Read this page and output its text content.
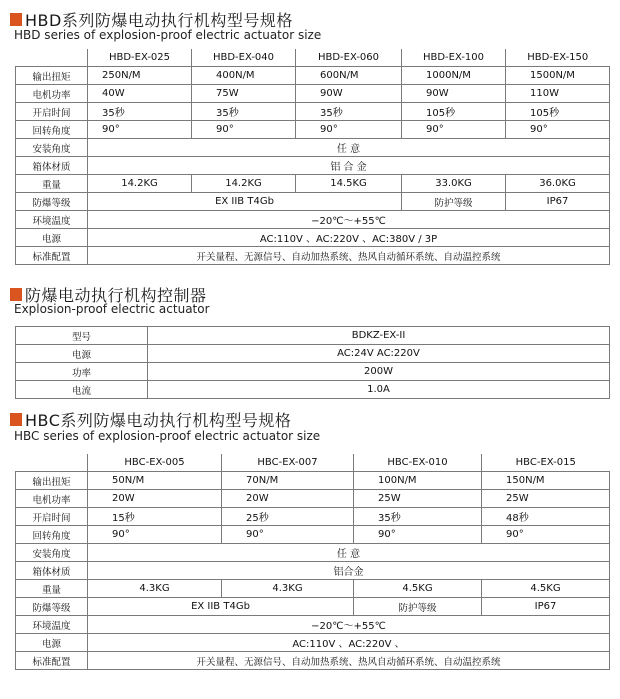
HBD系列防爆电动执行机构型号规格
HBD series of explosion-proof electric actuator size
	HBD-EX-025	HBD-EX-040	HBD-EX-060	HBD-EX-100	HBD-EX-150
输出扭矩	250N/M	400N/M	600N/M	1000N/M	1500N/M
电机功率	40W	75W	90W	90W	110W
开启时间	35秒	35秒	35秒	105秒	105秒
回转角度	90°	90°	90°	90°	90°
安装角度	任 意				
箱体材质	铝 合 金				
重量	14.2KG	14.2KG	14.5KG	33.0KG	36.0KG
防爆等级	EX IIB T4Gb			防护等级	IP67
环境温度	−20℃～+55℃				
电源	AC:110V 、AC:220V 、AC:380V / 3P				
标准配置	开关量程、无源信号、自动加热系统、热风自动循环系统、自动温控系统				
防爆电动执行机构控制器
Explosion-proof electric actuator
型号	BDKZ-EX-II
电源	AC:24V AC:220V
功率	200W
电流	1.0A
HBC系列防爆电动执行机构型号规格
HBC series of explosion-proof electric actuator size
	HBC-EX-005	HBC-EX-007	HBC-EX-010	HBC-EX-015
输出扭矩	50N/M	70N/M	100N/M	150N/M
电机功率	20W	20W	25W	25W
开启时间	15秒	25秒	35秒	48秒
回转角度	90°	90°	90°	90°
安装角度	任 意			
箱体材质	铝合金			
重量	4.3KG	4.3KG	4.5KG	4.5KG
防爆等级	EX IIB T4Gb		防护等级	IP67
环境温度	−20℃～+55℃			
电源	AC:110V 、AC:220V 、			
标准配置	开关量程、无源信号、自动加热系统、热风自动循环系统、自动温控系统			
